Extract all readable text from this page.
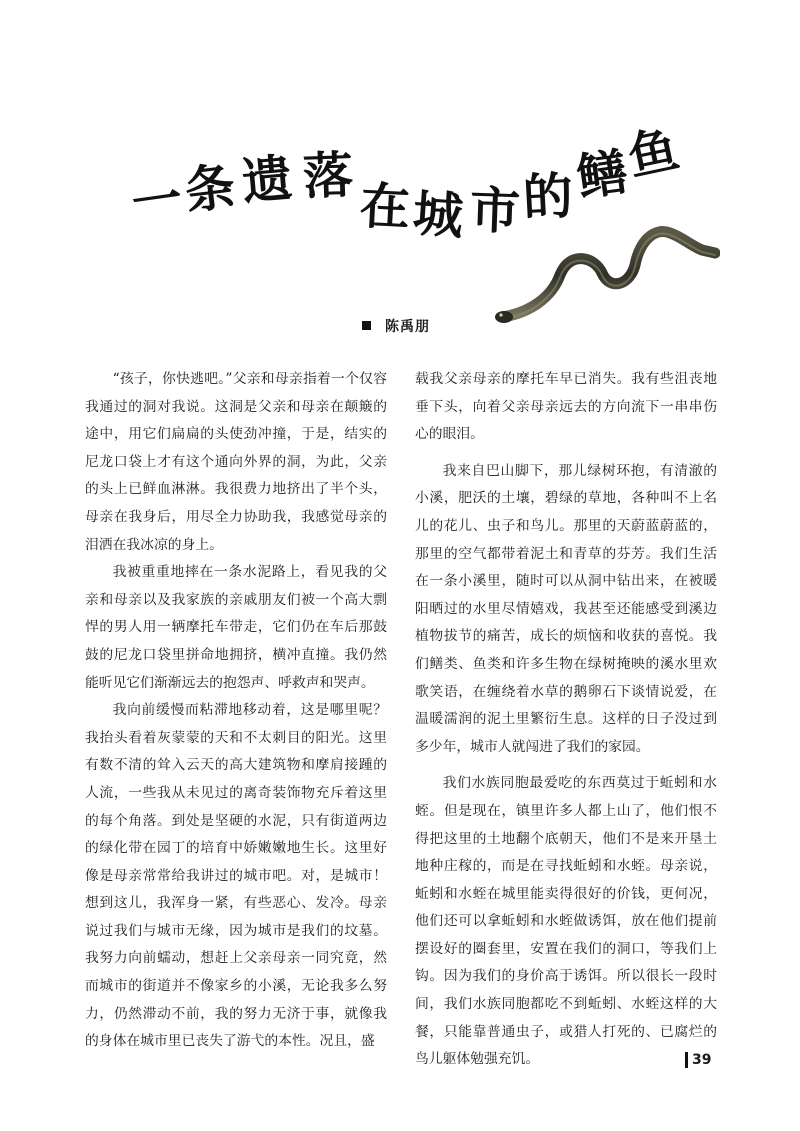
一
条 遗 落
在 城 市 的
鳝
鱼
陈禹朋

“孩子，你快逃吧。”父亲和母亲指着一个仅容我通过的洞对我说。这洞是父亲和母亲在颠簸的途中，用它们扁扁的头使劲冲撞，于是，结实的尼龙口袋上才有这个通向外界的洞，为此，父亲的头上已鲜血淋淋。我很费力地挤出了半个头，母亲在我身后，用尽全力协助我，我感觉母亲的泪洒在我冰凉的身上。

我被重重地摔在一条水泥路上，看见我的父亲和母亲以及我家族的亲戚朋友们被一个高大剽悍的男人用一辆摩托车带走，它们仍在车后那鼓鼓的尼龙口袋里拼命地拥挤，横冲直撞。我仍然能听见它们渐渐远去的抱怨声、呼救声和哭声。

我向前缓慢而粘滞地移动着，这是哪里呢？我抬头看着灰蒙蒙的天和不太刺目的阳光。这里有数不清的耸入云天的高大建筑物和摩肩接踵的人流，一些我从未见过的离奇装饰物充斥着这里的每个角落。到处是坚硬的水泥，只有街道两边的绿化带在园丁的培育中娇嫩嫩地生长。这里好像是母亲常常给我讲过的城市吧。对，是城市！想到这儿，我浑身一紧，有些恶心、发冷。母亲说过我们与城市无缘，因为城市是我们的坟墓。我努力向前蠕动，想赶上父亲母亲一同究竟，然而城市的街道并不像家乡的小溪，无论我多么努力，仍然滞动不前，我的努力无济于事，就像我的身体在城市里已丧失了游弋的本性。况且，盛

载我父亲母亲的摩托车早已消失。我有些沮丧地垂下头，向着父亲母亲远去的方向流下一串串伤心的眼泪。

我来自巴山脚下，那儿绿树环抱，有清澈的小溪，肥沃的土壤，碧绿的草地，各种叫不上名儿的花儿、虫子和鸟儿。那里的天蔚蓝蔚蓝的，那里的空气都带着泥土和青草的芬芳。我们生活在一条小溪里，随时可以从洞中钻出来，在被暖阳晒过的水里尽情嬉戏，我甚至还能感受到溪边植物拔节的痛苦，成长的烦恼和收获的喜悦。我们鳝类、鱼类和许多生物在绿树掩映的溪水里欢歌笑语，在缠绕着水草的鹅卵石下谈情说爱，在温暖濡润的泥土里繁衍生息。这样的日子没过到多少年，城市人就闯进了我们的家园。

我们水族同胞最爱吃的东西莫过于蚯蚓和水蛭。但是现在，镇里许多人都上山了，他们恨不得把这里的土地翻个底朝天，他们不是来开垦土地种庄稼的，而是在寻找蚯蚓和水蛭。母亲说，蚯蚓和水蛭在城里能卖得很好的价钱，更何况，他们还可以拿蚯蚓和水蛭做诱饵，放在他们提前摆设好的圈套里，安置在我们的洞口，等我们上钩。因为我们的身价高于诱饵。所以很长一段时间，我们水族同胞都吃不到蚯蚓、水蛭这样的大餐，只能靠普通虫子，或猎人打死的、已腐烂的鸟儿躯体勉强充饥。	39
